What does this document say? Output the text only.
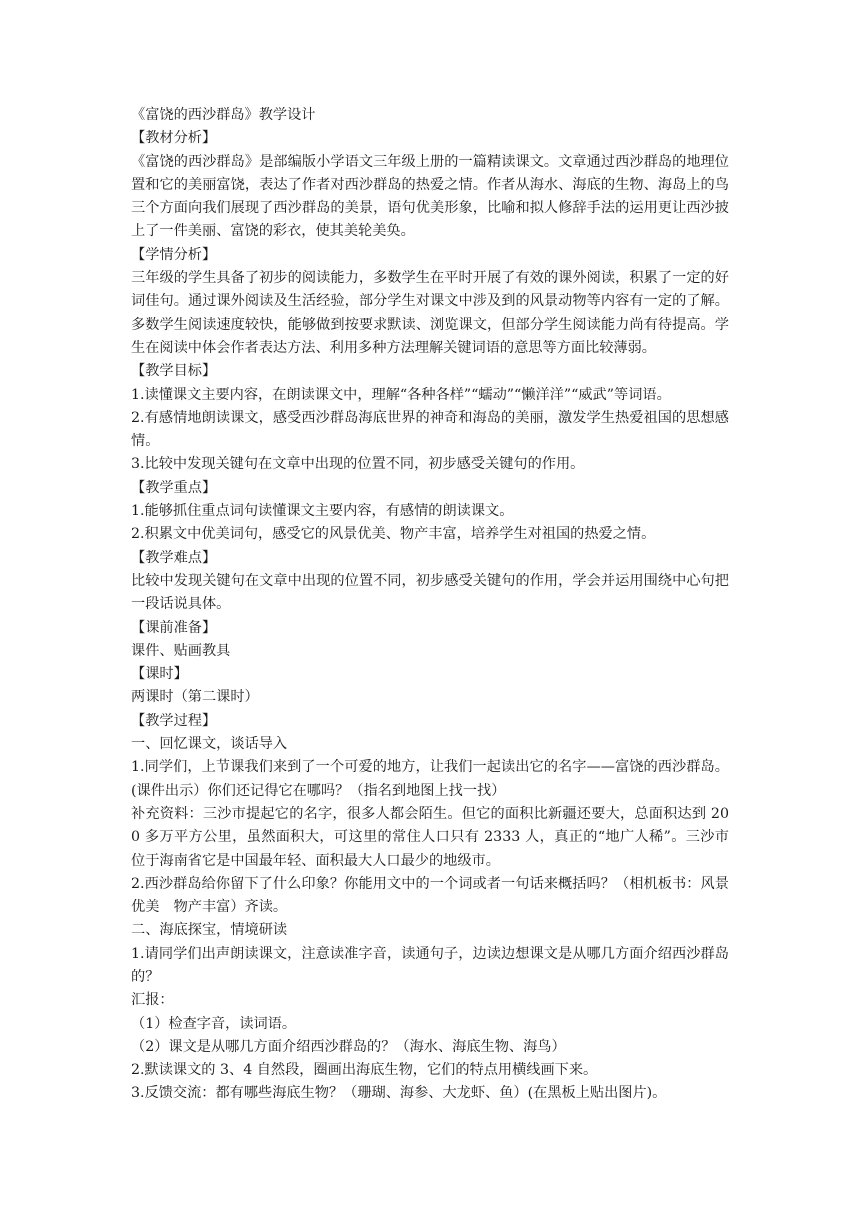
《富饶的西沙群岛》教学设计

【教材分析】

《富饶的西沙群岛》是部编版小学语文三年级上册的一篇精读课文。文章通过西沙群岛的地理位置和它的美丽富饶，表达了作者对西沙群岛的热爱之情。作者从海水、海底的生物、海岛上的鸟三个方面向我们展现了西沙群岛的美景，语句优美形象，比喻和拟人修辞手法的运用更让西沙披上了一件美丽、富饶的彩衣，使其美轮美奂。

【学情分析】

三年级的学生具备了初步的阅读能力，多数学生在平时开展了有效的课外阅读，积累了一定的好词佳句。通过课外阅读及生活经验，部分学生对课文中涉及到的风景动物等内容有一定的了解。多数学生阅读速度较快，能够做到按要求默读、浏览课文，但部分学生阅读能力尚有待提高。学生在阅读中体会作者表达方法、利用多种方法理解关键词语的意思等方面比较薄弱。

【教学目标】

1.读懂课文主要内容，在朗读课文中，理解“各种各样”“蠕动”“懒洋洋”“威武”等词语。

2.有感情地朗读课文，感受西沙群岛海底世界的神奇和海岛的美丽，激发学生热爱祖国的思想感情。

3.比较中发现关键句在文章中出现的位置不同，初步感受关键句的作用。

【教学重点】

1.能够抓住重点词句读懂课文主要内容，有感情的朗读课文。

2.积累文中优美词句，感受它的风景优美、物产丰富，培养学生对祖国的热爱之情。

【教学难点】

比较中发现关键句在文章中出现的位置不同，初步感受关键句的作用，学会并运用围绕中心句把一段话说具体。

【课前准备】

课件、贴画教具

【课时】

两课时（第二课时）

【教学过程】

一、回忆课文，谈话导入

1.同学们，上节课我们来到了一个可爱的地方，让我们一起读出它的名字——富饶的西沙群岛。(课件出示）你们还记得它在哪吗？（指名到地图上找一找）

补充资料：三沙市提起它的名字，很多人都会陌生。但它的面积比新疆还要大，总面积达到 200 多万平方公里，虽然面积大，可这里的常住人口只有 2333 人，真正的“地广人稀”。三沙市位于海南省它是中国最年轻、面积最大人口最少的地级市。

2.西沙群岛给你留下了什么印象？你能用文中的一个词或者一句话来概括吗？（相机板书：风景优美　物产丰富）齐读。

二、海底探宝，情境研读

1.请同学们出声朗读课文，注意读准字音，读通句子，边读边想课文是从哪几方面介绍西沙群岛的？

汇报：

（1）检查字音，读词语。

（2）课文是从哪几方面介绍西沙群岛的？（海水、海底生物、海鸟）

2.默读课文的 3、4 自然段，圈画出海底生物，它们的特点用横线画下来。

3.反馈交流：都有哪些海底生物？（珊瑚、海参、大龙虾、鱼）(在黑板上贴出图片)。
